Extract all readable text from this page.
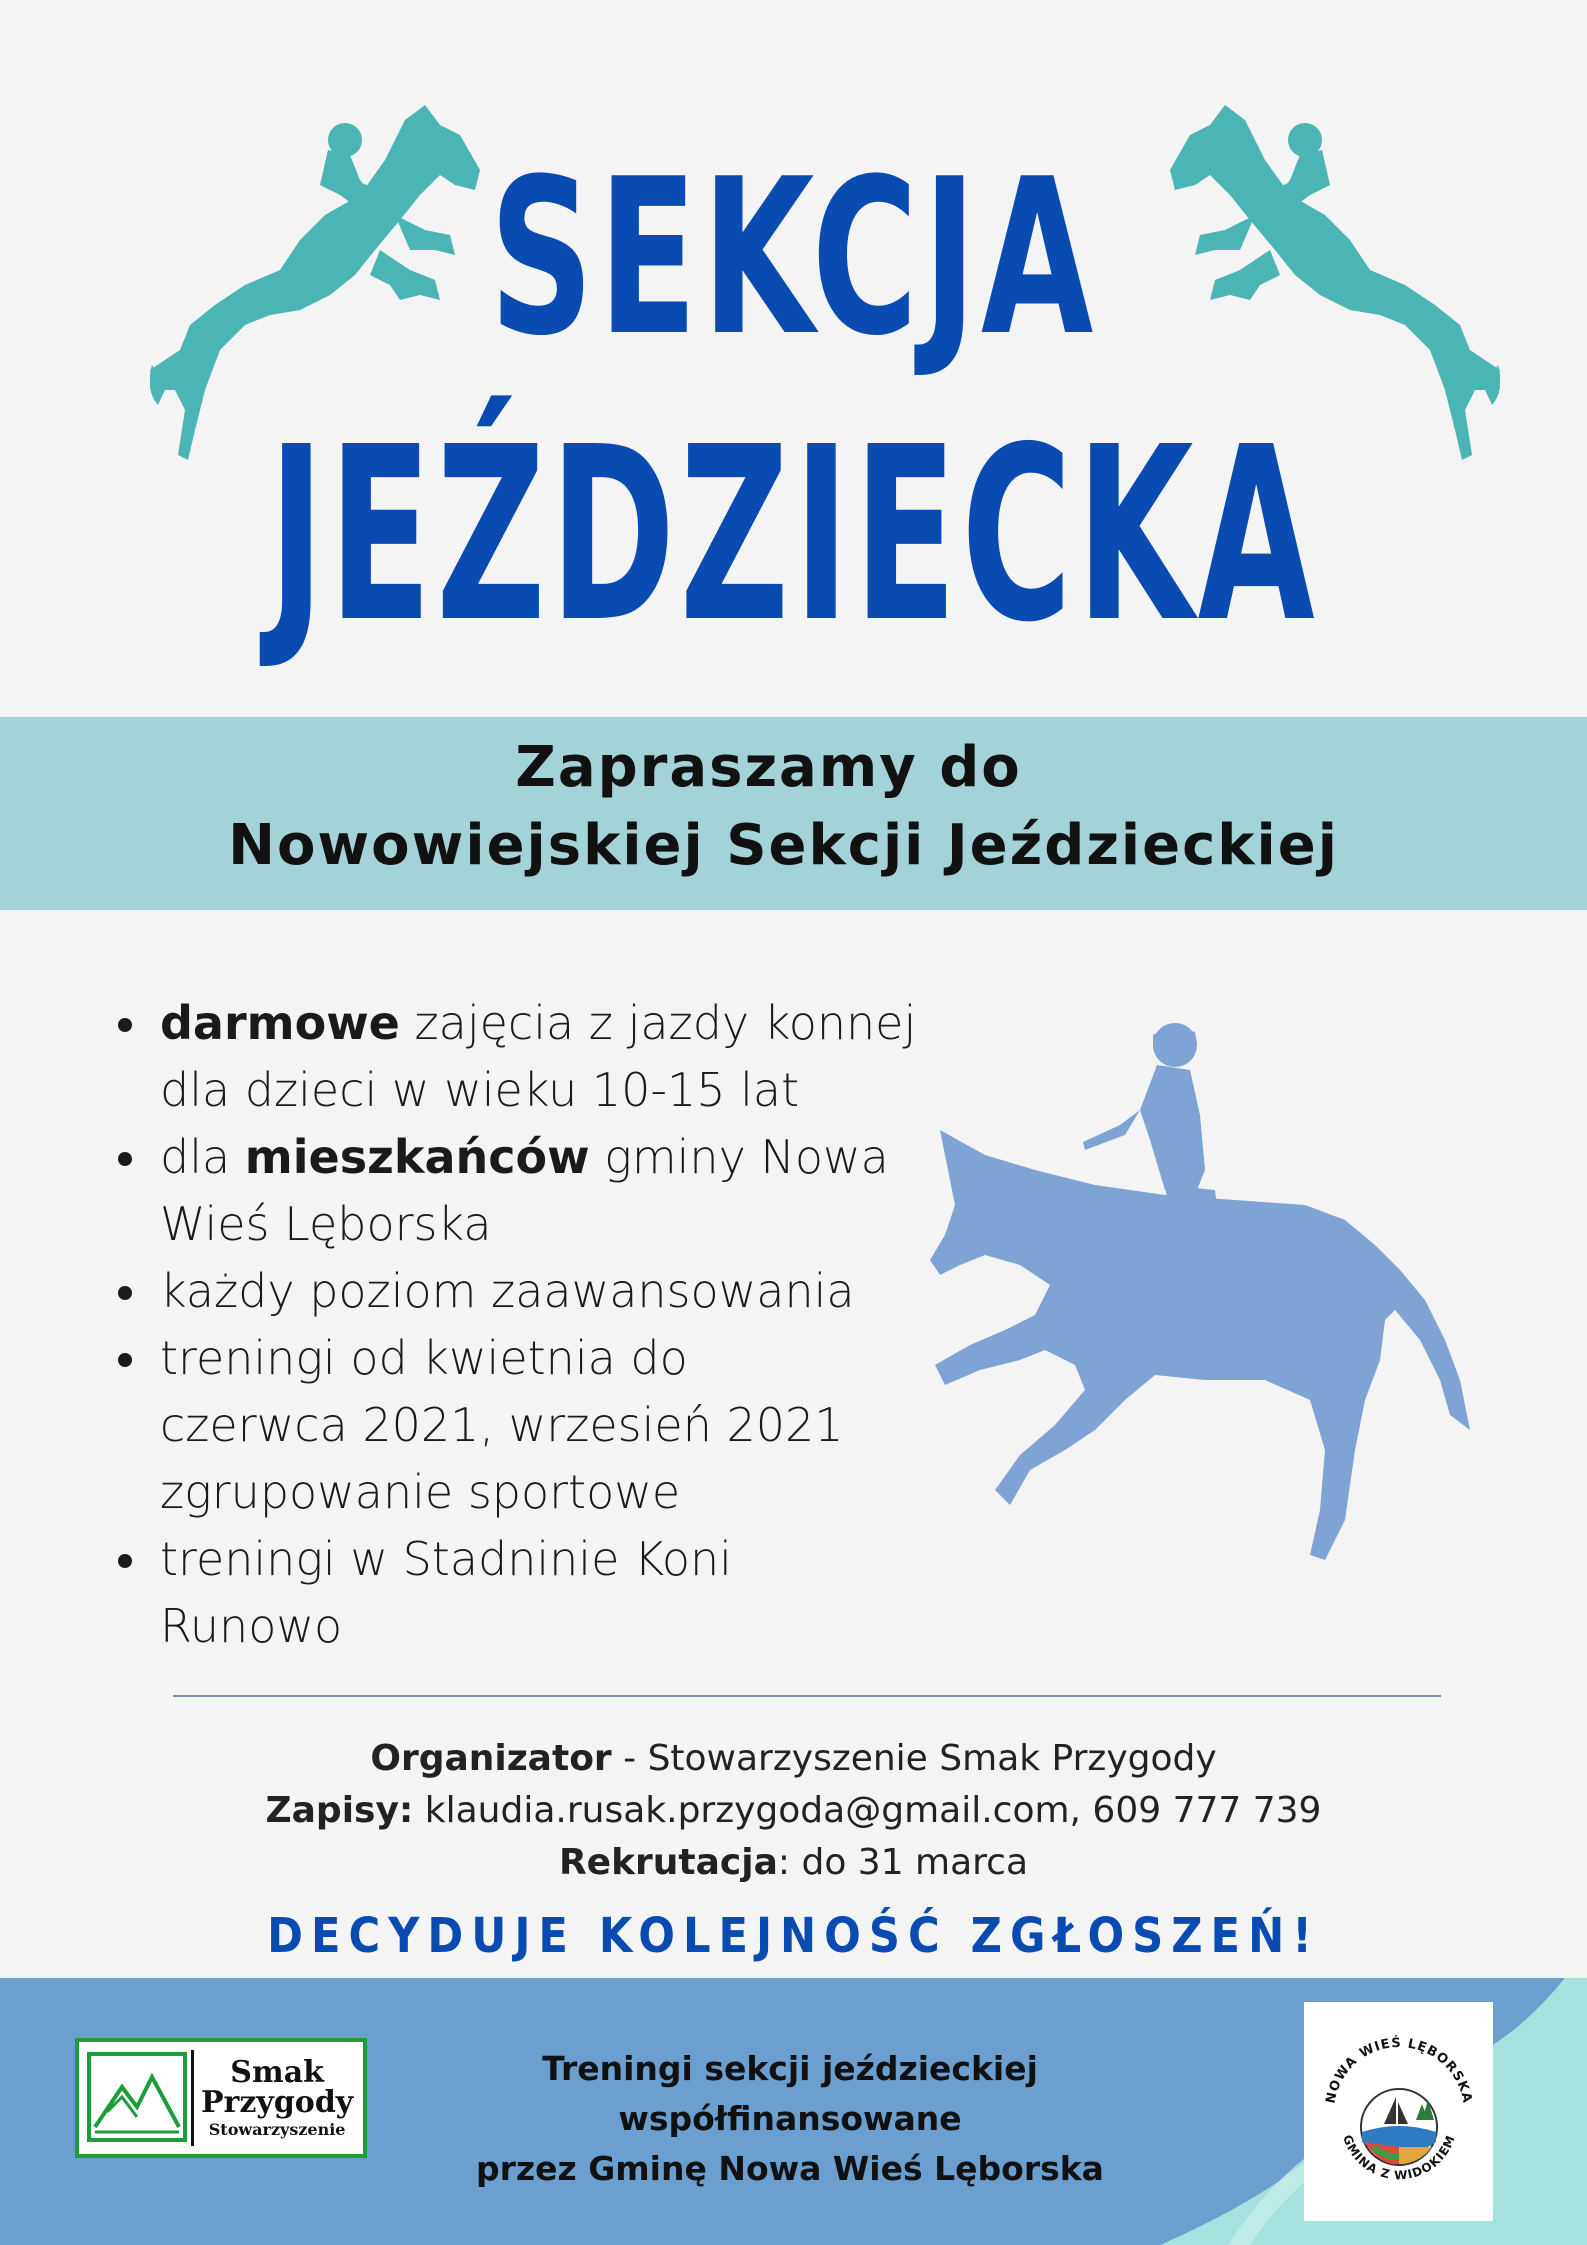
SEKCJA
JEŹDZIECKA
Zapraszamy do
Nowowiejskiej Sekcji Jeździeckiej
darmowe zajęcia z jazdy konnej dla dzieci w wieku 10-15 lat
dla mieszkańców gminy Nowa Wieś Lęborska
każdy poziom zaawansowania
treningi od kwietnia do czerwca 2021, wrzesień 2021 zgrupowanie sportowe
treningi w Stadninie Koni Runowo
Organizator - Stowarzyszenie Smak Przygody
Zapisy: klaudia.rusak.przygoda@gmail.com, 609 777 739
Rekrutacja: do 31 marca
DECYDUJE KOLEJNOŚĆ ZGŁOSZEŃ!
Smak
Przygody
Stowarzyszenie
Treningi sekcji jeździeckiej współfinansowane
przez Gminę Nowa Wieś Lęborska
NOWA WIEŚ LĘBORSKA
GMINA Z WIDOKIEM
